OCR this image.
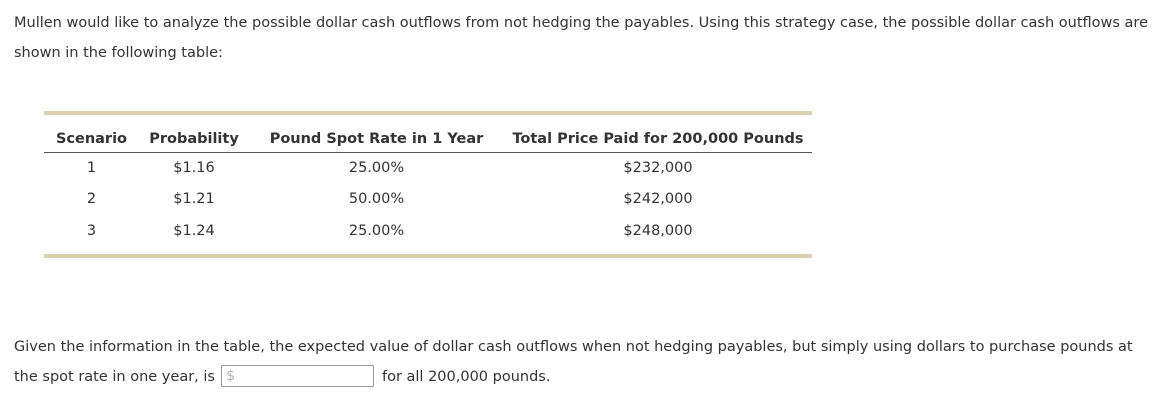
Mullen would like to analyze the possible dollar cash outflows from not hedging the payables. Using this strategy case, the possible dollar cash outflows are shown in the following table:

Scenario	Probability	Pound Spot Rate in 1 Year	Total Price Paid for 200,000 Pounds
1	$1.16	25.00%	$232,000
2	$1.21	50.00%	$242,000
3	$1.24	25.00%	$248,000

Given the information in the table, the expected value of dollar cash outflows when not hedging payables, but simply using dollars to purchase pounds at the spot rate in one year, is$	for all 200,000 pounds.
